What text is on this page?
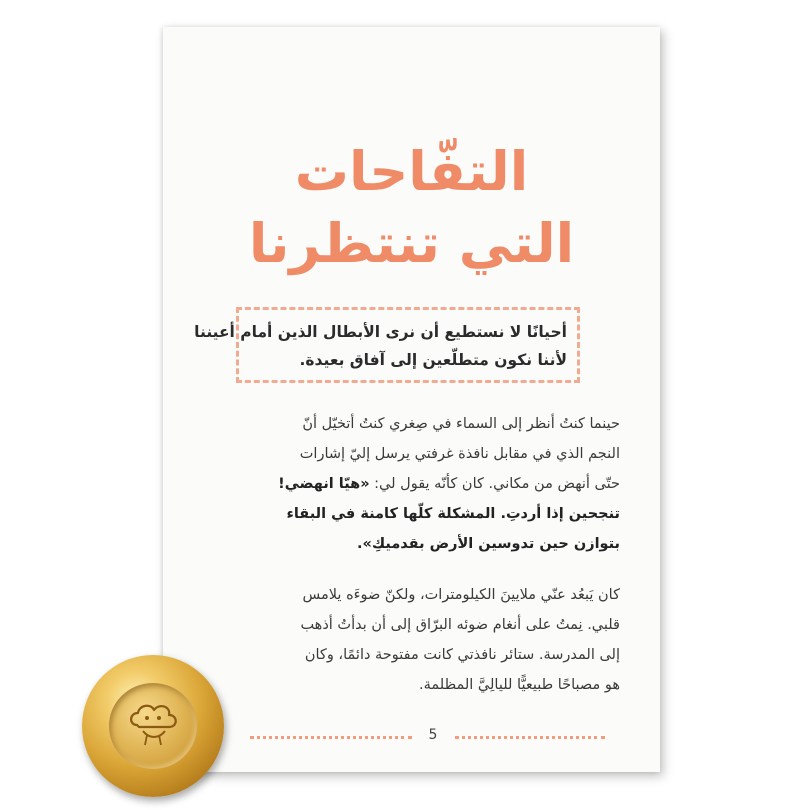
التفّاحات
التي تنتظرنا
أحيانًا لا نستطيع أن نرى الأبطال الذين أمام أعيننا
لأننا نكون متطلّعين إلى آفاق بعيدة.
حينما كنتُ أنظر إلى السماء في صِغري كنتُ أتخيّل أنّ
النجم الذي في مقابل نافذة غرفتي يرسل إليّ إشارات
حتّى أنهض من مكاني. كان كأنّه يقول لي: «هيّا انهضي!
تنجحين إذا أردتِ. المشكلة كلّها كامنة في البقاء
بتوازن حين تدوسين الأرض بقدميكِ».
كان يَبعُد عنّي ملايينَ الكيلومترات، ولكنّ ضوءَه يلامس
قلبي. نِمتُ على أنغام ضوئه البرّاق إلى أن بدأتُ أذهب
إلى المدرسة. ستائر نافذتي كانت مفتوحة دائمًا، وكان
هو مصباحًا طبيعيًّا لليالِيَّ المظلمة.
5
